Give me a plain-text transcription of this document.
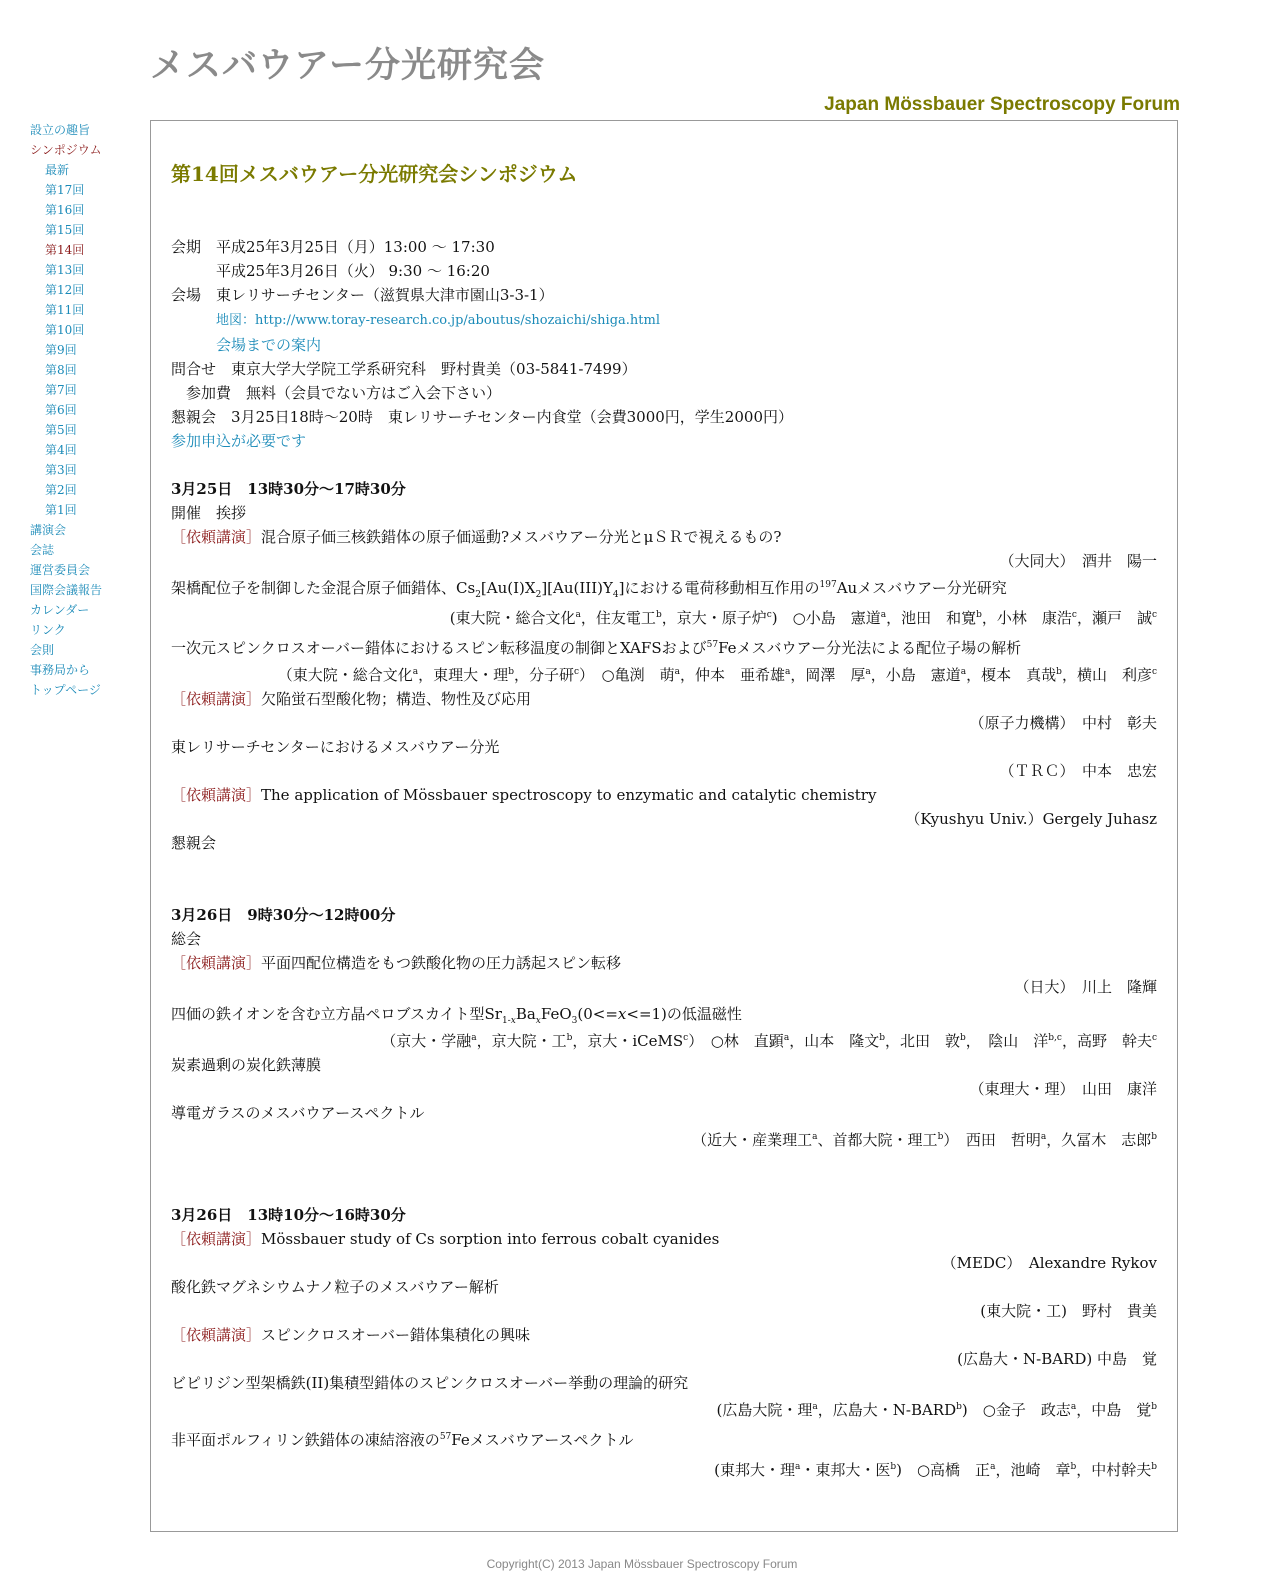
メスバウアー分光研究会
Japan Mössbauer Spectroscopy Forum
設立の趣旨
シンポジウム
最新
第17回
第16回
第15回
第14回
第13回
第12回
第11回
第10回
第9回
第8回
第7回
第6回
第5回
第4回
第3回
第2回
第1回
講演会
会誌
運営委員会
国際会議報告
カレンダー
リンク
会則
事務局から
トップページ
第14回メスバウアー分光研究会シンポジウム
会期　 平成25年3月25日（月）13:00 ～ 17:30
平成25年3月26日（火） 9:30 ～ 16:20
会場　 東レリサーチセンター（滋賀県大津市園山3-3-1）
地図：http://www.toray-research.co.jp/aboutus/shozaichi/shiga.html
会場までの案内
問合せ　 東京大学大学院工学系研究科　野村貴美（03-5841-7499）
参加費　 無料（会員でない方はご入会下さい）
懇親会　 3月25日18時～20時　東レリサーチセンター内食堂（会費3000円，学生2000円）
参加申込が必要です
3月25日　13時30分～17時30分
開催　挨拶
［依頼講演］混合原子価三核鉄錯体の原子価遥動?メスバウアー分光とμＳＲで視えるもの?
（大同大）　酒井　陽一
架橋配位子を制御した金混合原子価錯体、$Cs_2[Au(I)X_2][Au(III)Y_4]$における電荷移動相互作用の$^{197}$Auメスバウアー分光研究
(東大院・総合文化$^a$，住友電工$^b$，京大・原子炉$^c$)　○小島　憲道$^a$，池田　和寛$^b$，小林　康浩$^c$，瀬戸　誠$^c$
一次元スピンクロスオーバー錯体におけるスピン転移温度の制御とXAFSおよび$^{57}$Feメスバウアー分光法による配位子場の解析
（東大院・総合文化$^a$，東理大・理$^b$，分子研$^c$）　○亀渕　萌$^a$，仲本　亜希雄$^a$，岡澤　厚$^a$，小島　憲道$^a$，榎本　真哉$^b$，横山　利彦$^c$
［依頼講演］欠陥蛍石型酸化物；構造、物性及び応用
（原子力機構）　中村　彰夫
東レリサーチセンターにおけるメスバウアー分光
（ＴＲＣ）　中本　忠宏
［依頼講演］The application of Mössbauer spectroscopy to enzymatic and catalytic chemistry
（Kyushyu Univ.）Gergely Juhasz
懇親会
3月26日　9時30分～12時00分
総会
［依頼講演］平面四配位構造をもつ鉄酸化物の圧力誘起スピン転移
（日大）　川上　隆輝
四価の鉄イオンを含む立方晶ペロブスカイト型$Sr_{1-x}Ba_xFeO_3(0<=x<=1)$の低温磁性
（京大・学融$^a$，京大院・工$^b$，京大・iCeMS$^c$）　○林　直顕$^a$，山本　隆文$^b$，北田　敦$^b$，　陰山　洋$^{b,c}$，高野　幹夫$^c$
炭素過剰の炭化鉄薄膜
（東理大・理）　山田　康洋
導電ガラスのメスバウアースペクトル
（近大・産業理工$^a$、首都大院・理工$^b$）　西田　哲明$^a$，久冨木　志郎$^b$
3月26日　13時10分～16時30分
［依頼講演］Mössbauer study of Cs sorption into ferrous cobalt cyanides
（MEDC）　Alexandre Rykov
酸化鉄マグネシウムナノ粒子のメスバウアー解析
(東大院・工)　野村　貴美
［依頼講演］スピンクロスオーバー錯体集積化の興味
(広島大・N-BARD) 中島　覚
ビピリジン型架橋鉄(II)集積型錯体のスピンクロスオーバー挙動の理論的研究
(広島大院・理$^a$，広島大・N-BARD$^b$)　○金子　政志$^a$，中島　覚$^b$
非平面ポルフィリン鉄錯体の凍結溶液の$^{57}$Feメスバウアースペクトル
(東邦大・理$^a$・東邦大・医$^b$)　○高橋　正$^a$，池崎　章$^b$，中村幹夫$^b$
Copyright(C) 2013 Japan Mössbauer Spectroscopy Forum
